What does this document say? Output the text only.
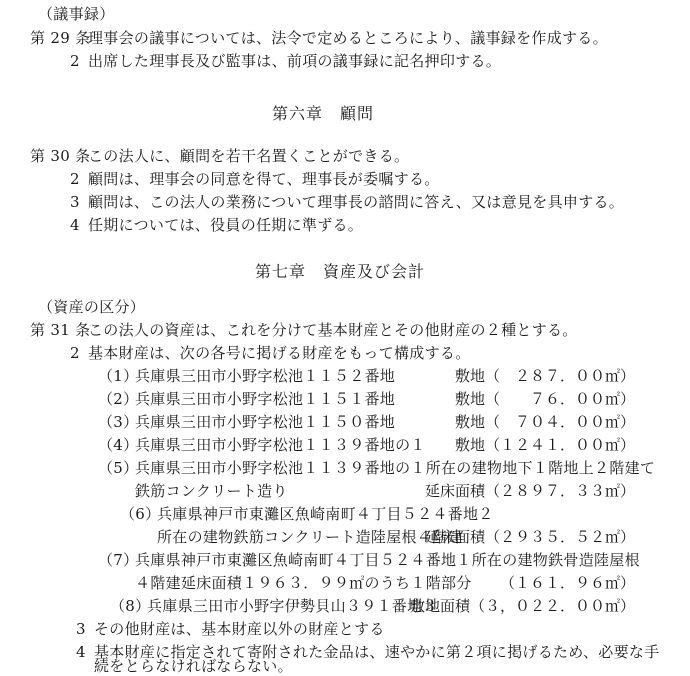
（議事録）
第 29 条
理事会の議事については、法令で定めるところにより、議事録を作成する。
2 出席した理事長及び監事は、前項の議事録に記名押印する。
第六章　顧問
第 30 条
この法人に、顧問を若干名置くことができる。
2 顧問は、理事会の同意を得て、理事長が委嘱する。
3 顧問は、この法人の業務について理事長の諮問に答え、又は意見を具申する。
4 任期については、役員の任期に準ずる。
第七章　資産及び会計
（資産の区分）
第 31 条
この法人の資産は、これを分けて基本財産とその他財産の２種とする。
2 基本財産は、次の各号に掲げる財産をもって構成する。
（1）
兵庫県三田市小野字松池１１５２番地	敷地（　２８７．００㎡）
（2）
兵庫県三田市小野字松池１１５１番地	敷地（　　７６．００㎡）
（3）
兵庫県三田市小野字松池１１５０番地	敷地（　７０４．００㎡）
（4）
兵庫県三田市小野字松池１１３９番地の１ 敷地（１２４１．００㎡）
（5）
兵庫県三田市小野字松池１１３９番地の１所在の建物地下１階地上２階建て
鉄筋コンクリート造り	延床面積（２８９７．３３㎡）
（6）
兵庫県神戸市東灘区魚崎南町４丁目５２４番地２
所在の建物鉄筋コンクリート造陸屋根４階建
延床面積（２９３５．５２㎡）
（7）
兵庫県神戸市東灘区魚崎南町４丁目５２４番地１所在の建物鉄骨造陸屋根
４階建延床面積１９６３．９９㎡のうち１階部分 （１６１．９６㎡）
（8）
兵庫県三田市小野字伊勢貝山３９１番地３
敷地面積（３，０２２．００㎡）
3 その他財産は、基本財産以外の財産とする
4 基本財産に指定されて寄附された金品は、速やかに第２項に掲げるため、必要な手
続をとらなければならない。
